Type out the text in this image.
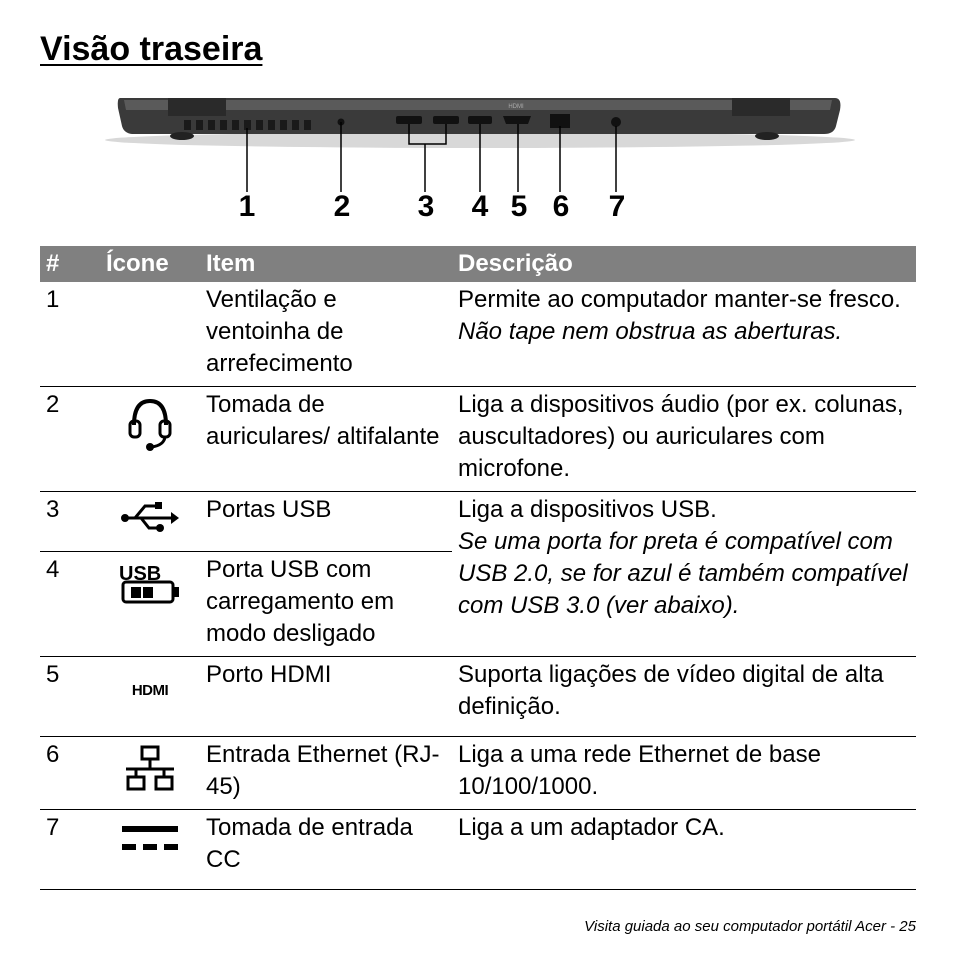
Visão traseira
HDMI
1	2 3 4 5 6 7
#	Ícone	Item	Descrição
1		Ventilação e ventoinha de arrefecimento	Permite ao computador manter-se fresco.
Não tape nem obstrua as aberturas.

2		Tomada de auriculares/ altifalante	Liga a dispositivos áudio (por ex. colunas, auscultadores) ou auriculares com microfone.
3		Portas USB	Liga a dispositivos USB.
Se uma porta for preta é compatível com USB 2.0, se for azul é também compatível com USB 3.0 (ver abaixo).

4	USB	Porta USB com carregamento em modo desligado	
5	HDMI	Porto HDMI	Suporta ligações de vídeo digital de alta definição.
6		Entrada Ethernet (RJ-45)	Liga a uma rede Ethernet de base 10/100/1000.
7		Tomada de entrada CC	Liga a um adaptador CA.
Visita guiada ao seu computador portátil Acer - 25
